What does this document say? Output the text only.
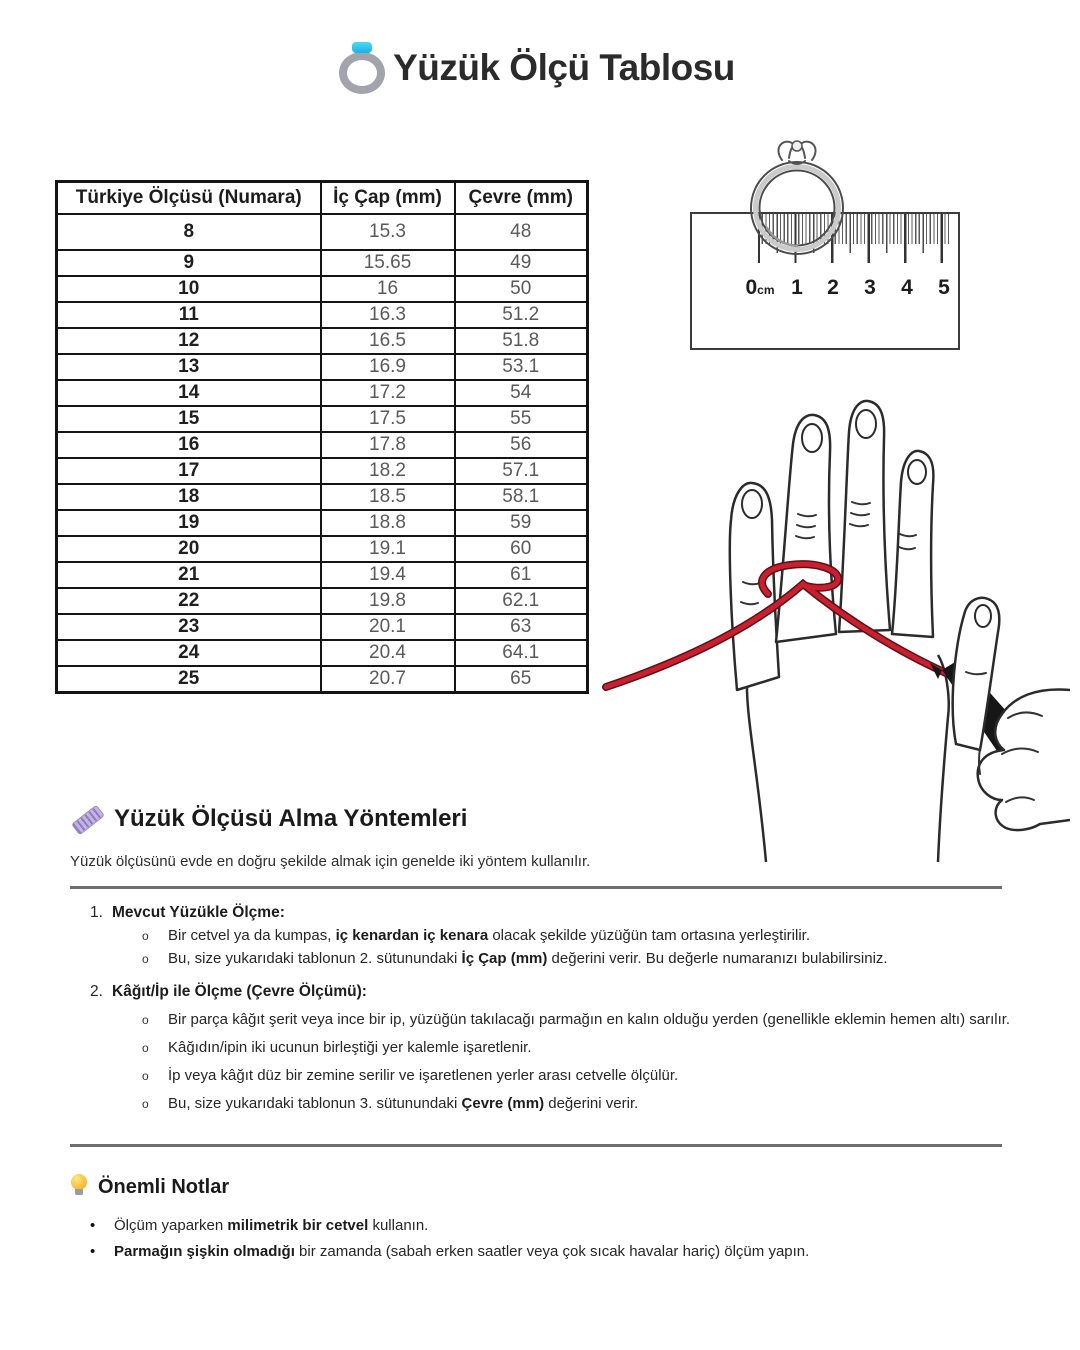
Yüzük Ölçü Tablosu
Türkiye Ölçüsü (Numara)	İç Çap (mm)	Çevre (mm)
8	15.3	48
9	15.65	49
10	16	50
11	16.3	51.2
12	16.5	51.8
13	16.9	53.1
14	17.2	54
15	17.5	55
16	17.8	56
17	18.2	57.1
18	18.5	58.1
19	18.8	59
20	19.1	60
21	19.4	61
22	19.8	62.1
23	20.1	63
24	20.4	64.1
25	20.7	65
0cm 1 2 3 4 5
Yüzük Ölçüsü Alma Yöntemleri

Yüzük ölçüsünü evde en doğru şekilde almak için genelde iki yöntem kullanılır.

1. Mevcut Yüzükle Ölçme:
o Bir cetvel ya da kumpas, iç kenardan iç kenara olacak şekilde yüzüğün tam ortasına yerleştirilir.
o Bu, size yukarıdaki tablonun 2. sütunundaki İç Çap (mm) değerini verir. Bu değerle numaranızı bulabilirsiniz.
2. Kâğıt/İp ile Ölçme (Çevre Ölçümü):
o Bir parça kâğıt şerit veya ince bir ip, yüzüğün takılacağı parmağın en kalın olduğu yerden (genellikle eklemin hemen altı) sarılır.
o Kâğıdın/ipin iki ucunun birleştiği yer kalemle işaretlenir.
o İp veya kâğıt düz bir zemine serilir ve işaretlenen yerler arası cetvelle ölçülür.
o Bu, size yukarıdaki tablonun 3. sütunundaki Çevre (mm) değerini verir.
Önemli Notlar
• Ölçüm yaparken milimetrik bir cetvel kullanın.
• Parmağın şişkin olmadığı bir zamanda (sabah erken saatler veya çok sıcak havalar hariç) ölçüm yapın.
